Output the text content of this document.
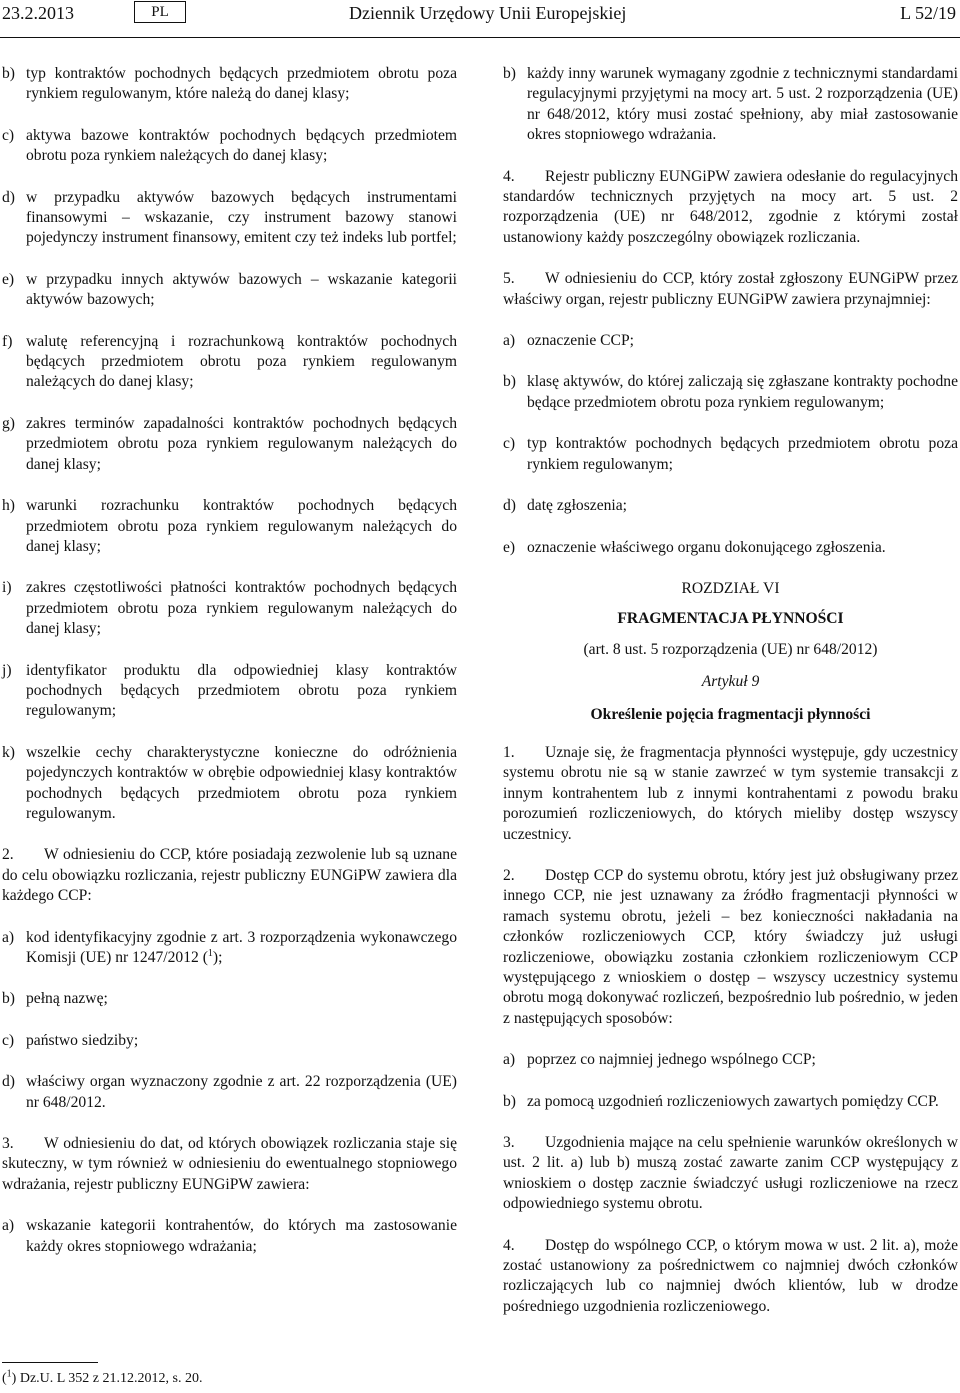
23.2.2013	PL	Dziennik Urzędowy Unii Europejskiej	L 52/19
b) typ kontraktów pochodnych będących przedmiotem obrotu poza rynkiem regulowanym, które należą do danej klasy;
c) aktywa bazowe kontraktów pochodnych będących przedmiotem obrotu poza rynkiem należących do danej klasy;
d) w przypadku aktywów bazowych będących instrumentami finansowymi – wskazanie, czy instrument bazowy stanowi pojedynczy instrument finansowy, emitent czy też indeks lub portfel;
e) w przypadku innych aktywów bazowych – wskazanie kategorii aktywów bazowych;
f) walutę referencyjną i rozrachunkową kontraktów pochodnych będących przedmiotem obrotu poza rynkiem regulowanym należących do danej klasy;
g) zakres terminów zapadalności kontraktów pochodnych będących przedmiotem obrotu poza rynkiem regulowanym należących do danej klasy;
h) warunki rozrachunku kontraktów pochodnych będących przedmiotem obrotu poza rynkiem regulowanym należących do danej klasy;
i) zakres częstotliwości płatności kontraktów pochodnych będących przedmiotem obrotu poza rynkiem regulowanym należących do danej klasy;
j) identyfikator produktu dla odpowiedniej klasy kontraktów pochodnych będących przedmiotem obrotu poza rynkiem regulowanym;
k) wszelkie cechy charakterystyczne konieczne do odróżnienia pojedynczych kontraktów w obrębie odpowiedniej klasy kontraktów pochodnych będących przedmiotem obrotu poza rynkiem regulowanym.
2. W odniesieniu do CCP, które posiadają zezwolenie lub są uznane do celu obowiązku rozliczania, rejestr publiczny EUNGiPW zawiera dla każdego CCP:
a) kod identyfikacyjny zgodnie z art. 3 rozporządzenia wykonawczego Komisji (UE) nr 1247/2012 ($^1$);
b) pełną nazwę;
c) państwo siedziby;
d) właściwy organ wyznaczony zgodnie z art. 22 rozporządzenia (UE) nr 648/2012.
3. W odniesieniu do dat, od których obowiązek rozliczania staje się skuteczny, w tym również w odniesieniu do ewentualnego stopniowego wdrażania, rejestr publiczny EUNGiPW zawiera:
a) wskazanie kategorii kontrahentów, do których ma zastosowanie każdy okres stopniowego wdrażania;
b) każdy inny warunek wymagany zgodnie z technicznymi standardami regulacyjnymi przyjętymi na mocy art. 5 ust. 2 rozporządzenia (UE) nr 648/2012, który musi zostać spełniony, aby miał zastosowanie okres stopniowego wdrażania.
4. Rejestr publiczny EUNGiPW zawiera odesłanie do regulacyjnych standardów technicznych przyjętych na mocy art. 5 ust. 2 rozporządzenia (UE) nr 648/2012, zgodnie z którymi został ustanowiony każdy poszczególny obowiązek rozliczania.
5. W odniesieniu do CCP, który został zgłoszony EUNGiPW przez właściwy organ, rejestr publiczny EUNGiPW zawiera przynajmniej:
a) oznaczenie CCP;
b) klasę aktywów, do której zaliczają się zgłaszane kontrakty pochodne będące przedmiotem obrotu poza rynkiem regulowanym;
c) typ kontraktów pochodnych będących przedmiotem obrotu poza rynkiem regulowanym;
d) datę zgłoszenia;
e) oznaczenie właściwego organu dokonującego zgłoszenia.
ROZDZIAŁ VI
FRAGMENTACJA PŁYNNOŚCI
(art. 8 ust. 5 rozporządzenia (UE) nr 648/2012)
Artykuł 9
Określenie pojęcia fragmentacji płynności
1. Uznaje się, że fragmentacja płynności występuje, gdy uczestnicy systemu obrotu nie są w stanie zawrzeć w tym systemie transakcji z innym kontrahentem lub z innymi kontrahentami z powodu braku porozumień rozliczeniowych, do których mieliby dostęp wszyscy uczestnicy.
2. Dostęp CCP do systemu obrotu, który jest już obsługiwany przez innego CCP, nie jest uznawany za źródło fragmentacji płynności w ramach systemu obrotu, jeżeli – bez konieczności nakładania na członków rozliczeniowych CCP, który świadczy już usługi rozliczeniowe, obowiązku zostania członkiem rozliczeniowym CCP występującego z wnioskiem o dostęp – wszyscy uczestnicy systemu obrotu mogą dokonywać rozliczeń, bezpośrednio lub pośrednio, w jeden z następujących sposobów:
a) poprzez co najmniej jednego wspólnego CCP;
b) za pomocą uzgodnień rozliczeniowych zawartych pomiędzy CCP.
3. Uzgodnienia mające na celu spełnienie warunków określonych w ust. 2 lit. a) lub b) muszą zostać zawarte zanim CCP występujący z wnioskiem o dostęp zacznie świadczyć usługi rozliczeniowe na rzecz odpowiedniego systemu obrotu.
4. Dostęp do wspólnego CCP, o którym mowa w ust. 2 lit. a), może zostać ustanowiony za pośrednictwem co najmniej dwóch członków rozliczających lub co najmniej dwóch klientów, lub w drodze pośredniego uzgodnienia rozliczeniowego.
($^1$) Dz.U. L 352 z 21.12.2012, s. 20.
